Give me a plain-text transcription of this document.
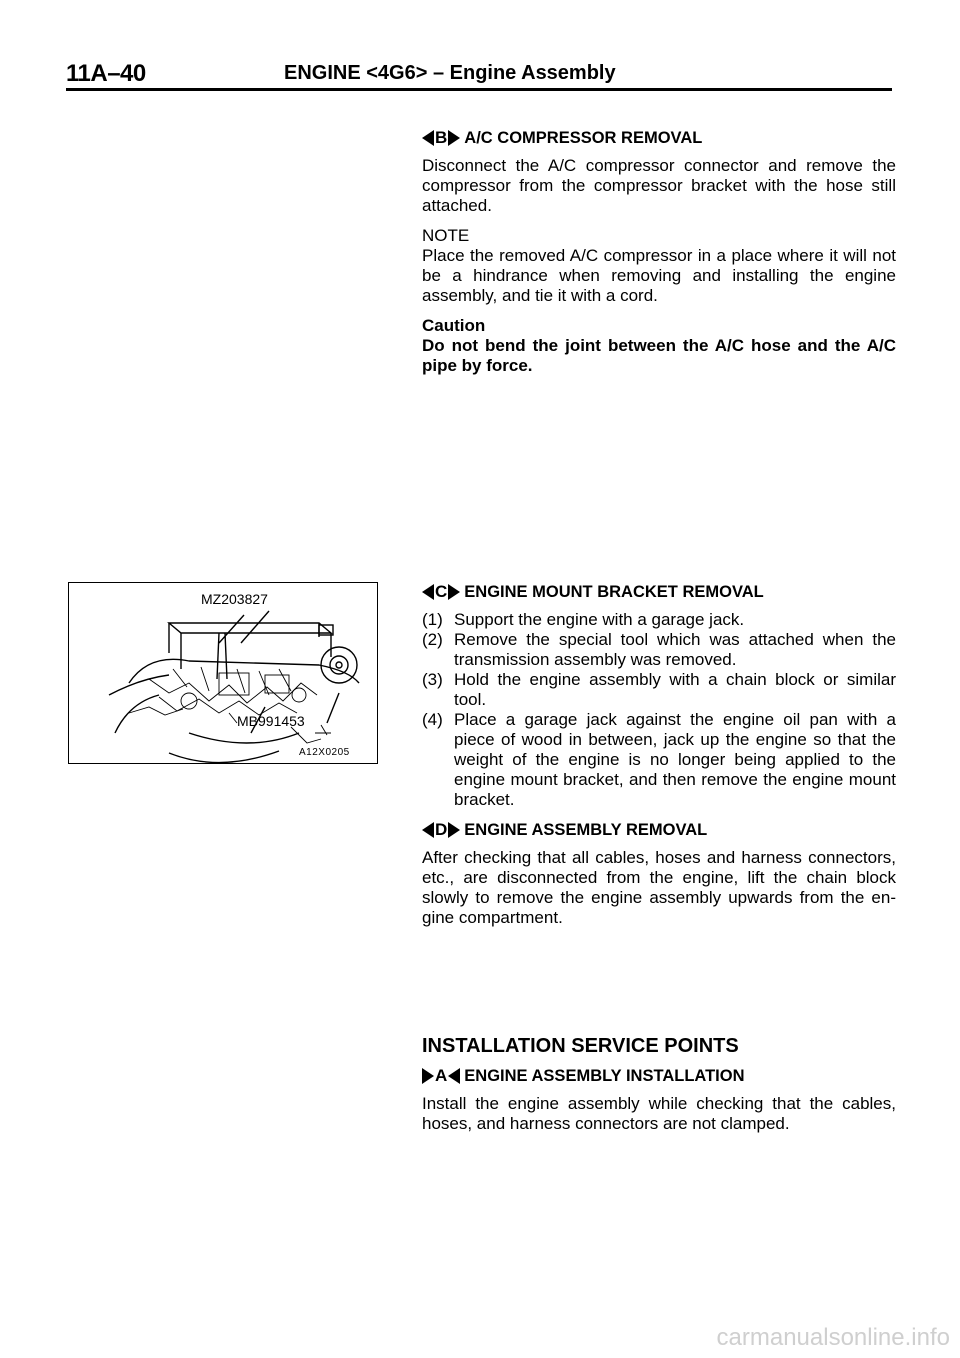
11A–40	ENGINE <4G6> – Engine Assembly
B A/C COMPRESSOR REMOVAL

Disconnect the A/C compressor connector and remove the compressor from the compressor bracket with the hose still attached.

NOTE

Place the removed A/C compressor in a place where it will not be a hindrance when removing and installing the engine assembly, and tie it with a cord.

Caution

Do not bend the joint between the A/C hose and the A/C pipe by force.

MZ203827
MB991453
A12X0205
C ENGINE MOUNT BRACKET REMOVAL
(1) Support the engine with a garage jack.
(2) Remove the special tool which was attached when the transmission assembly was removed.
(3) Hold the engine assembly with a chain block or similar tool.
(4) Place a garage jack against the engine oil pan with a piece of wood in between, jack up the engine so that the weight of the engine is no longer being applied to the engine mount bracket, and then remove the engine mount bracket.
D ENGINE ASSEMBLY REMOVAL

After checking that all cables, hoses and harness connectors, etc., are disconnected from the engine, lift the chain block slowly to remove the engine assembly upwards from the en- gine compartment.

INSTALLATION SERVICE POINTS
A ENGINE ASSEMBLY INSTALLATION

Install the engine assembly while checking that the cables, hoses, and harness connectors are not clamped.

carmanualsonline.info
